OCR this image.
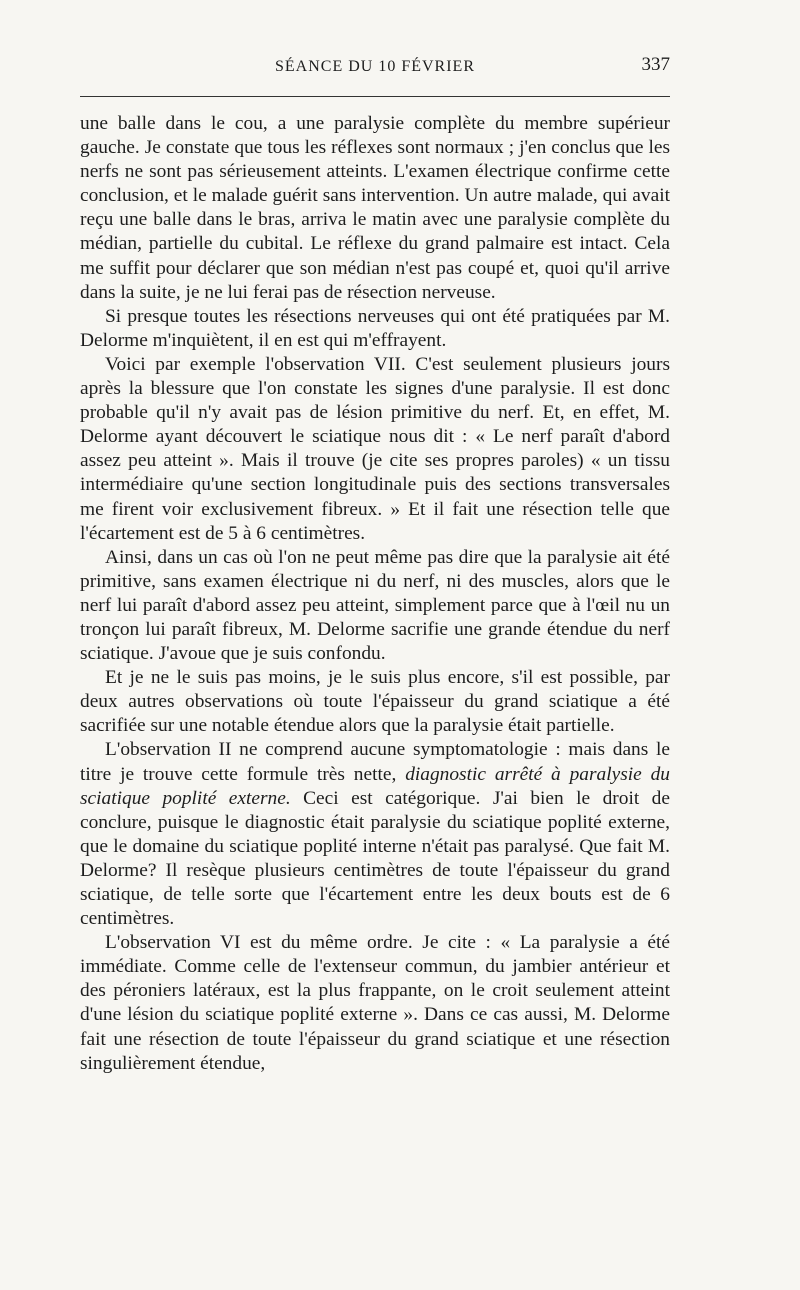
SÉANCE DU 10 FÉVRIER	337

une balle dans le cou, a une paralysie complète du membre supérieur gauche. Je constate que tous les réflexes sont normaux ; j'en conclus que les nerfs ne sont pas sérieusement atteints. L'examen électrique confirme cette conclusion, et le malade guérit sans intervention. Un autre malade, qui avait reçu une balle dans le bras, arriva le matin avec une paralysie complète du médian, partielle du cubital. Le réflexe du grand palmaire est intact. Cela me suffit pour déclarer que son médian n'est pas coupé et, quoi qu'il arrive dans la suite, je ne lui ferai pas de résection nerveuse.

Si presque toutes les résections nerveuses qui ont été pratiquées par M. Delorme m'inquiètent, il en est qui m'effrayent.

Voici par exemple l'observation VII. C'est seulement plusieurs jours après la blessure que l'on constate les signes d'une paralysie. Il est donc probable qu'il n'y avait pas de lésion primitive du nerf. Et, en effet, M. Delorme ayant découvert le sciatique nous dit : « Le nerf paraît d'abord assez peu atteint ». Mais il trouve (je cite ses propres paroles) « un tissu intermédiaire qu'une section longitudinale puis des sections transversales me firent voir exclusivement fibreux. » Et il fait une résection telle que l'écartement est de 5 à 6 centimètres.

Ainsi, dans un cas où l'on ne peut même pas dire que la paralysie ait été primitive, sans examen électrique ni du nerf, ni des muscles, alors que le nerf lui paraît d'abord assez peu atteint, simplement parce que à l'œil nu un tronçon lui paraît fibreux, M. Delorme sacrifie une grande étendue du nerf sciatique. J'avoue que je suis confondu.

Et je ne le suis pas moins, je le suis plus encore, s'il est possible, par deux autres observations où toute l'épaisseur du grand sciatique a été sacrifiée sur une notable étendue alors que la paralysie était partielle.

L'observation II ne comprend aucune symptomatologie : mais dans le titre je trouve cette formule très nette, diagnostic arrêté à paralysie du sciatique poplité externe. Ceci est catégorique. J'ai bien le droit de conclure, puisque le diagnostic était paralysie du sciatique poplité externe, que le domaine du sciatique poplité interne n'était pas paralysé. Que fait M. Delorme? Il resèque plusieurs centimètres de toute l'épaisseur du grand sciatique, de telle sorte que l'écartement entre les deux bouts est de 6 centimètres.

L'observation VI est du même ordre. Je cite : « La paralysie a été immédiate. Comme celle de l'extenseur commun, du jambier antérieur et des péroniers latéraux, est la plus frappante, on le croit seulement atteint d'une lésion du sciatique poplité externe ». Dans ce cas aussi, M. Delorme fait une résection de toute l'épaisseur du grand sciatique et une résection singulièrement étendue,
